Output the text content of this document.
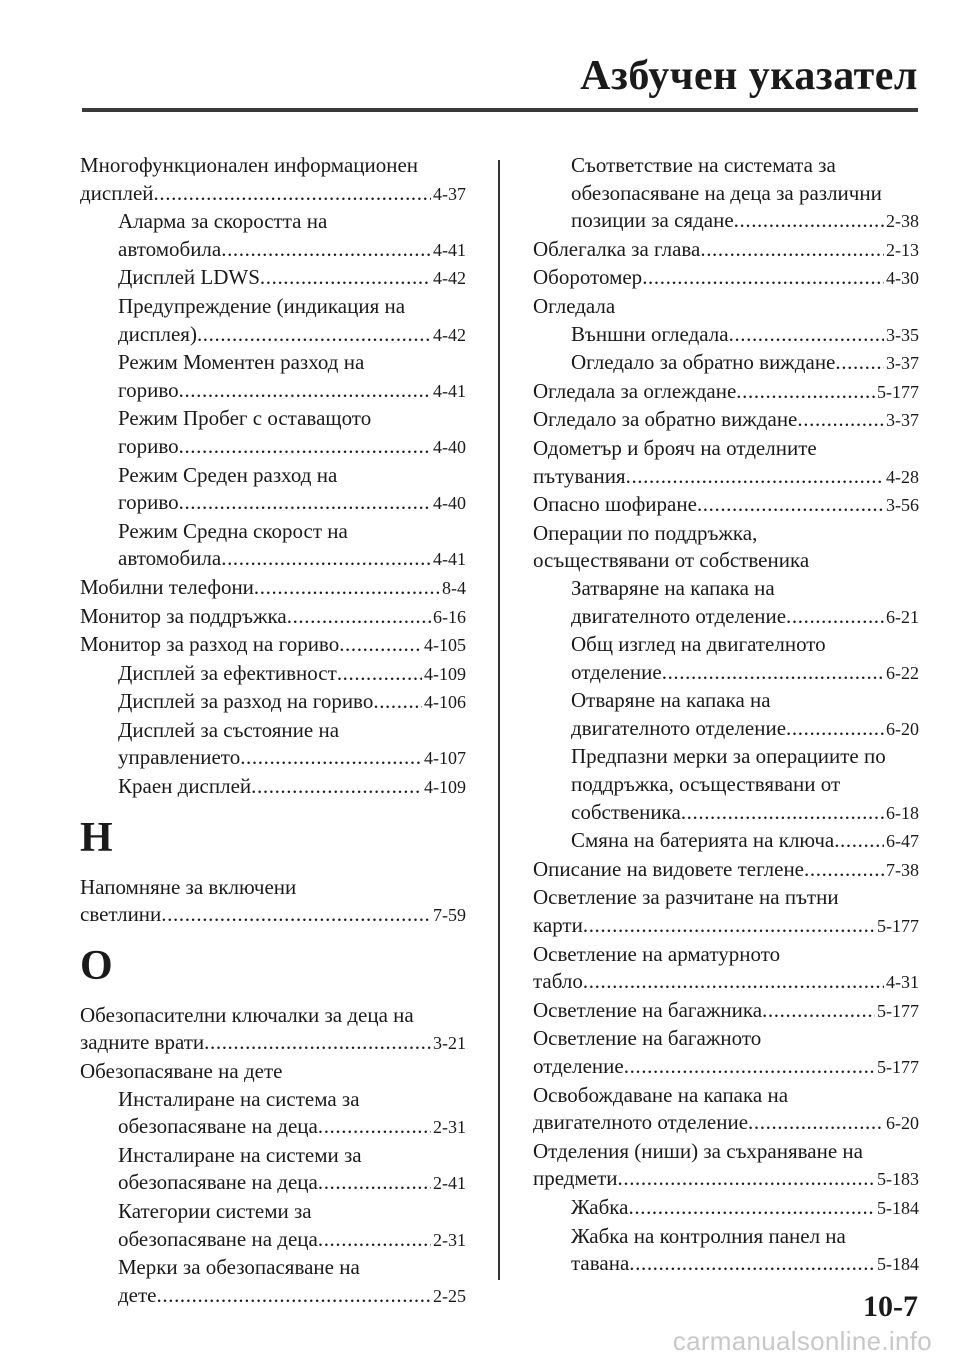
Азбучен указател
Многофункционален информационен
дисплей .....	4-37
Аларма за скоростта на
автомобила .....	4-41
Дисплей LDWS .....	4-42
Предупреждение (индикация на
дисплея) .....	4-42
Режим Моментен разход на
гориво .....	4-41
Режим Пробег с оставащото
гориво .....	4-40
Режим Среден разход на
гориво .....	4-40
Режим Средна скорост на
автомобила .....	4-41
Мобилни телефони .....	8-4
Монитор за поддръжка .....	6-16
Монитор за разход на гориво .....	4-105
Дисплей за ефективност .....	4-109
Дисплей за разход на гориво .....	4-106
Дисплей за състояние на
управлението .....	4-107
Краен дисплей .....	4-109
Н
Напомняне за включени
светлини .....	7-59
О
Обезопасителни ключалки за деца на
задните врати .....	3-21
Обезопасяване на дете
Инсталиране на система за
обезопасяване на деца .....	2-31
Инсталиране на системи за
обезопасяване на деца .....	2-41
Категории системи за
обезопасяване на деца .....	2-31
Мерки за обезопасяване на
дете .....	2-25
Съответствие на системата за
обезопасяване на деца за различни
позиции за сядане .....	2-38
Облегалка за глава .....	2-13
Оборотомер .....	4-30
Огледала
Външни огледала .....	3-35
Огледало за обратно виждане .....	3-37
Огледала за оглеждане .....	5-177
Огледало за обратно виждане .....	3-37
Одометър и брояч на отделните
пътувания .....	4-28
Опасно шофиране .....	3-56
Операции по поддръжка,
осъществявани от собственика
Затваряне на капака на
двигателното отделение .....	6-21
Общ изглед на двигателното
отделение .....	6-22
Отваряне на капака на
двигателното отделение .....	6-20
Предпазни мерки за операциите по
поддръжка, осъществявани от
собственика .....	6-18
Смяна на батерията на ключа .....	6-47
Описание на видовете теглене .....	7-38
Осветление за разчитане на пътни
карти .....	5-177
Осветление на арматурното
табло .....	4-31
Осветление на багажника .....	5-177
Осветление на багажното
отделение .....	5-177
Освобождаване на капака на
двигателното отделение .....	6-20
Отделения (ниши) за съхраняване на
предмети .....	5-183
Жабка .....	5-184
Жабка на контролния панел на
тавана .....	5-184
10-7
carmanualsonline.info
